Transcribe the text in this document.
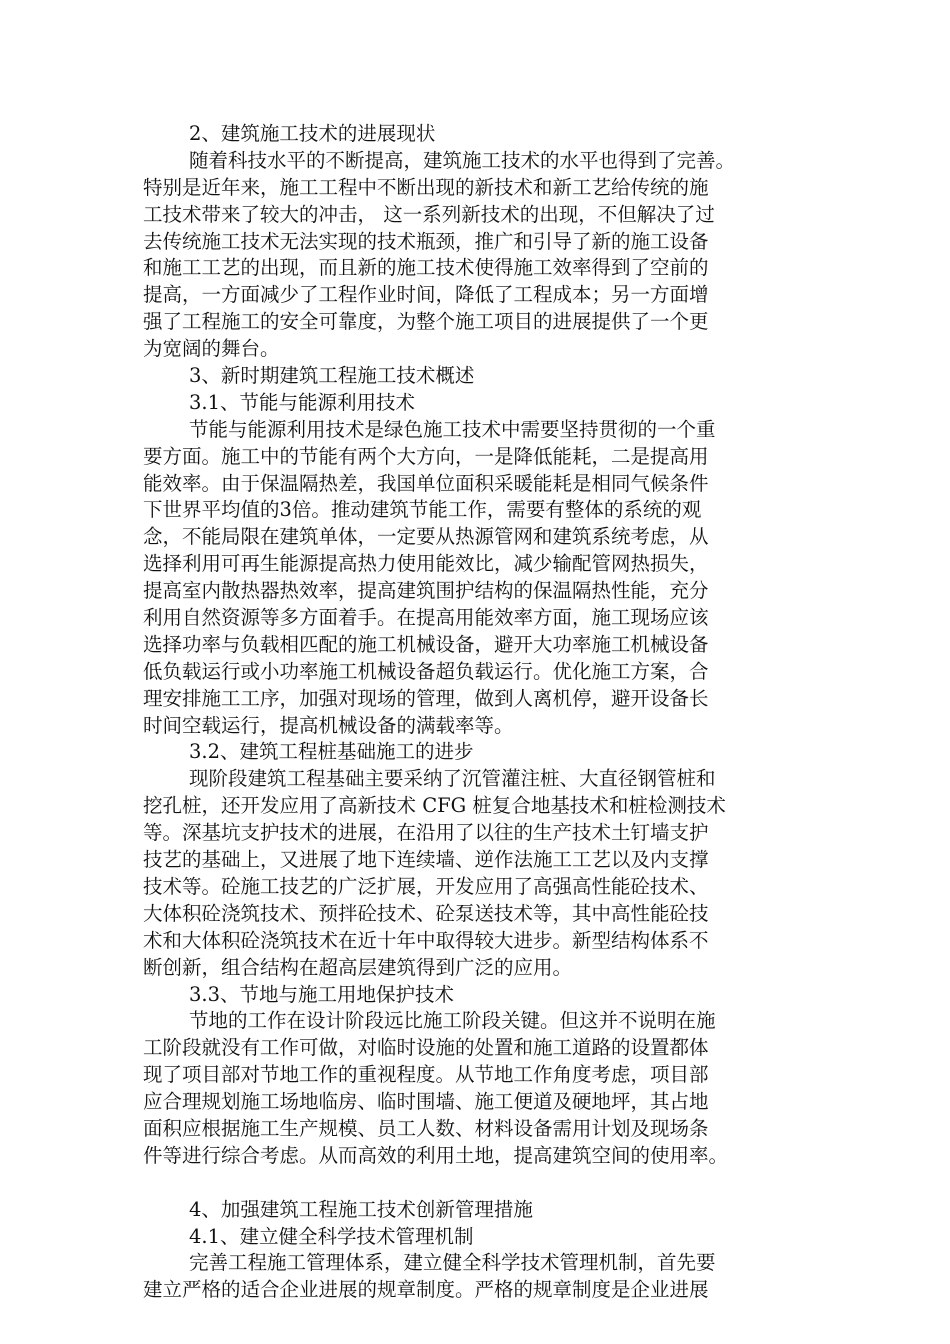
2、建筑施工技术的进展现状
随着科技水平的不断提高，建筑施工技术的水平也得到了完善。
特别是近年来，施工工程中不断出现的新技术和新工艺给传统的施
工技术带来了较大的冲击， 这一系列新技术的出现，不但解决了过
去传统施工技术无法实现的技术瓶颈，推广和引导了新的施工设备
和施工工艺的出现，而且新的施工技术使得施工效率得到了空前的
提高，一方面减少了工程作业时间，降低了工程成本；另一方面增
强了工程施工的安全可靠度，为整个施工项目的进展提供了一个更
为宽阔的舞台。
3、新时期建筑工程施工技术概述
3.1、节能与能源利用技术
节能与能源利用技术是绿色施工技术中需要坚持贯彻的一个重
要方面。施工中的节能有两个大方向，一是降低能耗，二是提高用
能效率。由于保温隔热差，我国单位面积采暖能耗是相同气候条件
下世界平均值的3倍。推动建筑节能工作，需要有整体的系统的观
念，不能局限在建筑单体，一定要从热源管网和建筑系统考虑，从
选择利用可再生能源提高热力使用能效比，减少输配管网热损失，
提高室内散热器热效率，提高建筑围护结构的保温隔热性能，充分
利用自然资源等多方面着手。在提高用能效率方面，施工现场应该
选择功率与负载相匹配的施工机械设备，避开大功率施工机械设备
低负载运行或小功率施工机械设备超负载运行。优化施工方案，合
理安排施工工序，加强对现场的管理，做到人离机停，避开设备长
时间空载运行，提高机械设备的满载率等。
3.2、建筑工程桩基础施工的进步
现阶段建筑工程基础主要采纳了沉管灌注桩、大直径钢管桩和
挖孔桩，还开发应用了高新技术 CFG 桩复合地基技术和桩检测技术
等。深基坑支护技术的进展，在沿用了以往的生产技术土钉墙支护
技艺的基础上，又进展了地下连续墙、逆作法施工工艺以及内支撑
技术等。砼施工技艺的广泛扩展，开发应用了高强高性能砼技术、
大体积砼浇筑技术、预拌砼技术、砼泵送技术等，其中高性能砼技
术和大体积砼浇筑技术在近十年中取得较大进步。新型结构体系不
断创新，组合结构在超高层建筑得到广泛的应用。
3.3、节地与施工用地保护技术
节地的工作在设计阶段远比施工阶段关键。但这并不说明在施
工阶段就没有工作可做，对临时设施的处置和施工道路的设置都体
现了项目部对节地工作的重视程度。从节地工作角度考虑，项目部
应合理规划施工场地临房、临时围墙、施工便道及硬地坪，其占地
面积应根据施工生产规模、员工人数、材料设备需用计划及现场条
件等进行综合考虑。从而高效的利用土地，提高建筑空间的使用率。
4、加强建筑工程施工技术创新管理措施
4.1、建立健全科学技术管理机制
完善工程施工管理体系，建立健全科学技术管理机制，首先要
建立严格的适合企业进展的规章制度。严格的规章制度是企业进展
